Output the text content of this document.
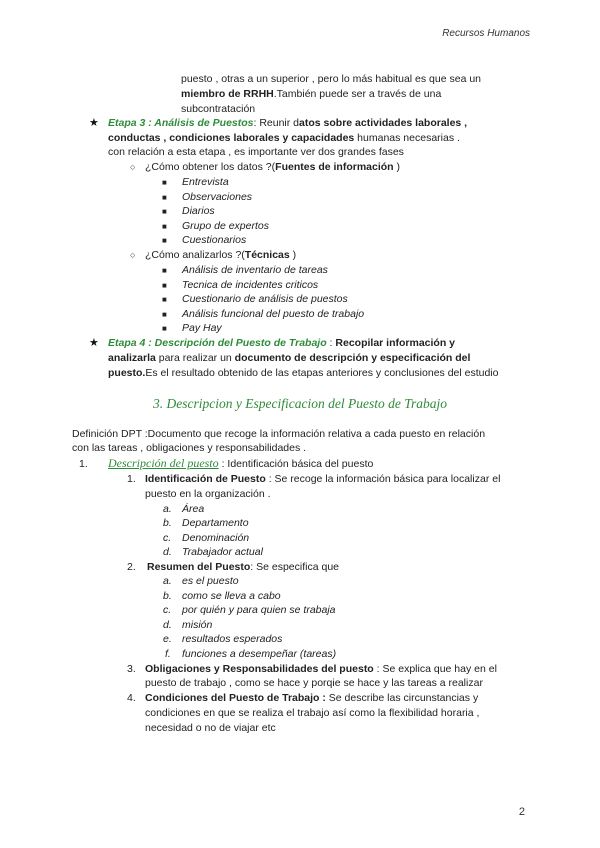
Recursos Humanos
puesto , otras a un superior , pero lo más habitual es que sea un
miembro de RRHH.También puede ser a través de una
subcontratación
★ Etapa 3 : Análisis de Puestos: Reunir datos sobre actividades laborales ,
conductas , condiciones laborales y capacidades humanas necesarias .
con relación a esta etapa , es importante ver dos grandes fases
○ ¿Cómo obtener los datos ?(Fuentes de información )
■ Entrevista
■ Observaciones
■ Diarios
■ Grupo de expertos
■ Cuestionarios
○ ¿Cómo analizarlos ?(Técnicas )
■ Análisis de inventario de tareas
■ Tecnica de incidentes criticos
■ Cuestionario de análisis de puestos
■ Análisis funcional del puesto de trabajo
■ Pay Hay
★ Etapa 4 : Descripción del Puesto de Trabajo : Recopilar información y
analizarla para realizar un documento de descripción y especificación del
puesto.Es el resultado obtenido de las etapas anteriores y conclusiones del estudio
3. Descripcion y Especificacion del Puesto de Trabajo
Definición DPT :Documento que recoge la información relativa a cada puesto en relación
con las tareas , obligaciones y responsabilidades .
1. Descripción del puesto : Identificación básica del puesto
1. Identificación de Puesto : Se recoge la información básica para localizar el
puesto en la organización .
a. Área
b. Departamento
c. Denominación
d. Trabajador actual
2. Resumen del Puesto: Se especifica que
a. es el puesto
b. como se lleva a cabo
c. por quién y para quien se trabaja
d. misión
e. resultados esperados
f. funciones a desempeñar (tareas)
3. Obligaciones y Responsabilidades del puesto : Se explica que hay en el
puesto de trabajo , como se hace y porqie se hace y las tareas a realizar
4. Condiciones del Puesto de Trabajo : Se describe las circunstancias y
condiciones en que se realiza el trabajo así como la flexibilidad horaria ,
necesidad o no de viajar etc
2
